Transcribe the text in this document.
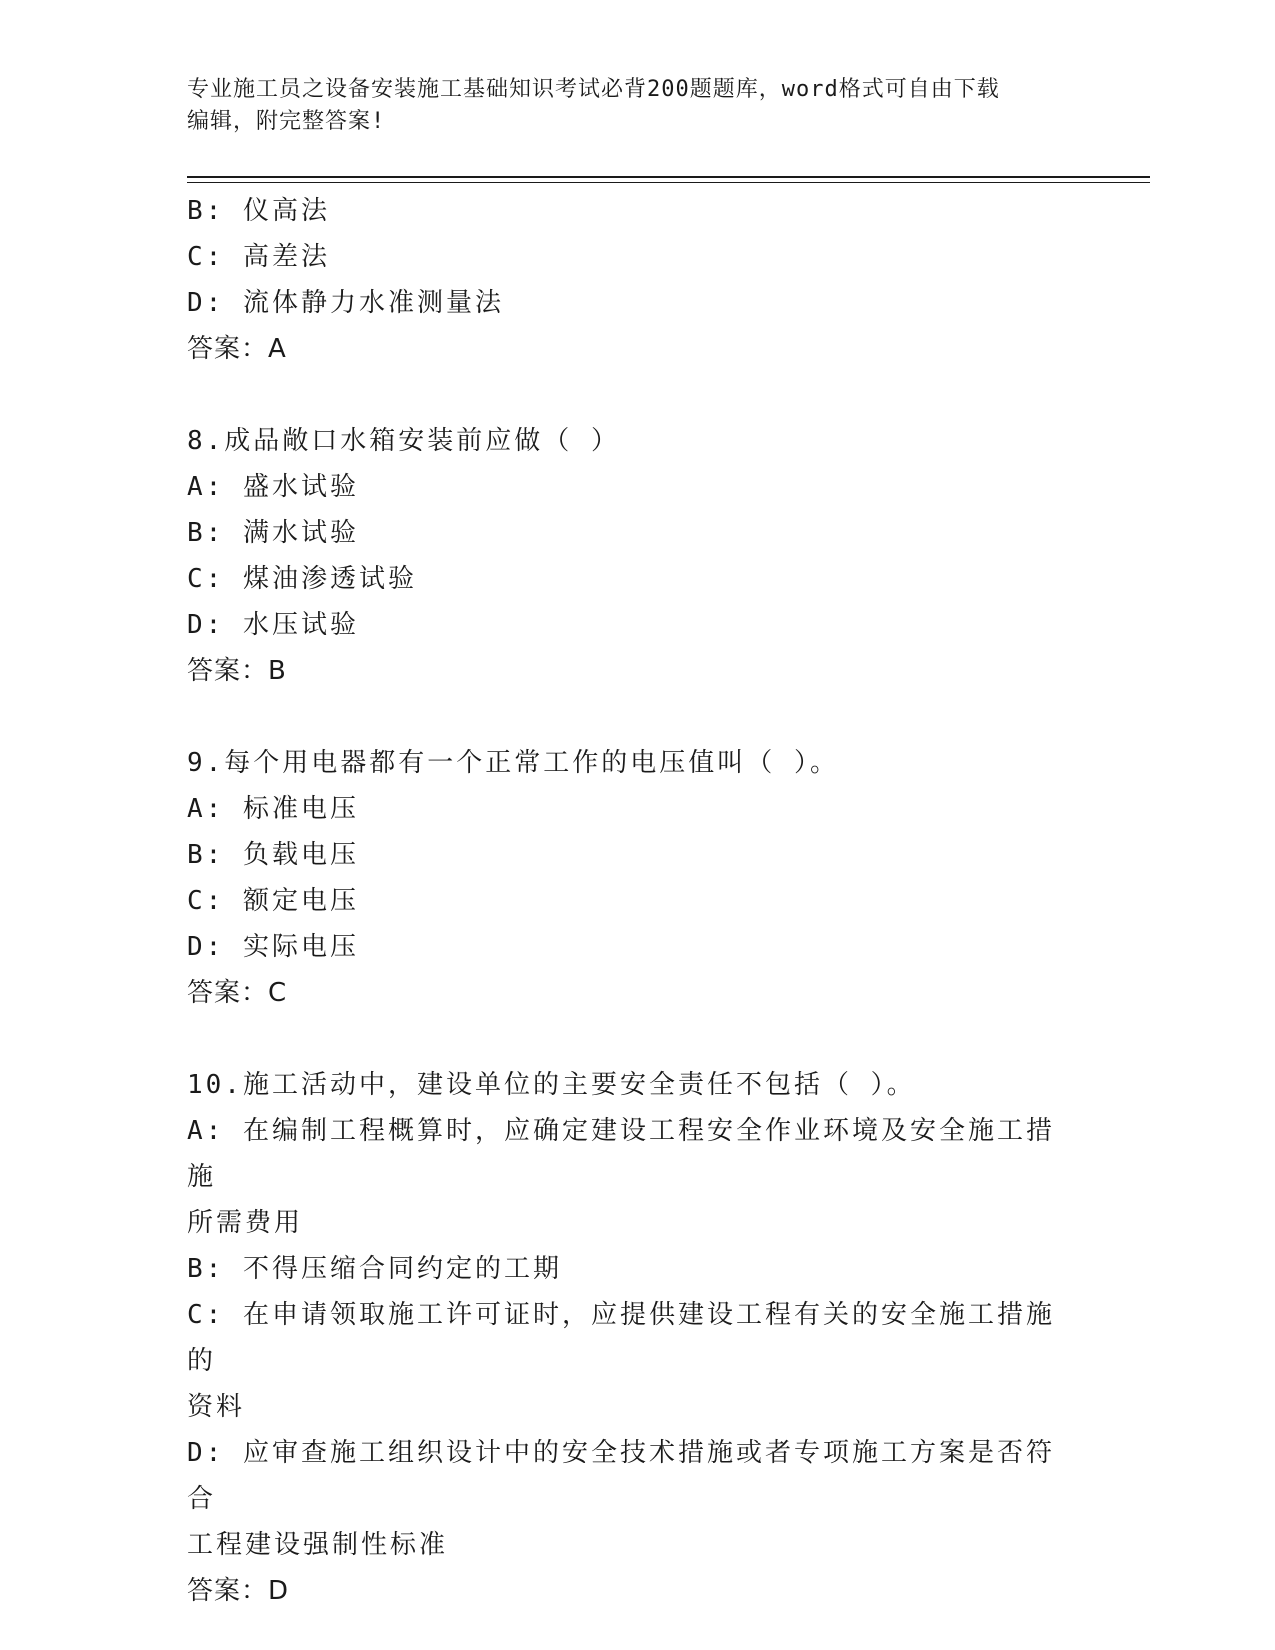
专业施工员之设备安装施工基础知识考试必背200题题库，word格式可自由下载
编辑，附完整答案!

B: 仪高法

C: 高差法

D: 流体静力水准测量法

答案：A

8.成品敞口水箱安装前应做（ ）

A: 盛水试验

B: 满水试验

C: 煤油渗透试验

D: 水压试验

答案：B

9.每个用电器都有一个正常工作的电压值叫（ ）。

A: 标准电压

B: 负载电压

C: 额定电压

D: 实际电压

答案：C

10.施工活动中，建设单位的主要安全责任不包括（ ）。

A: 在编制工程概算时，应确定建设工程安全作业环境及安全施工措施
所需费用

B: 不得压缩合同约定的工期

C: 在申请领取施工许可证时，应提供建设工程有关的安全施工措施的
资料

D: 应审查施工组织设计中的安全技术措施或者专项施工方案是否符合
工程建设强制性标准

答案：D
